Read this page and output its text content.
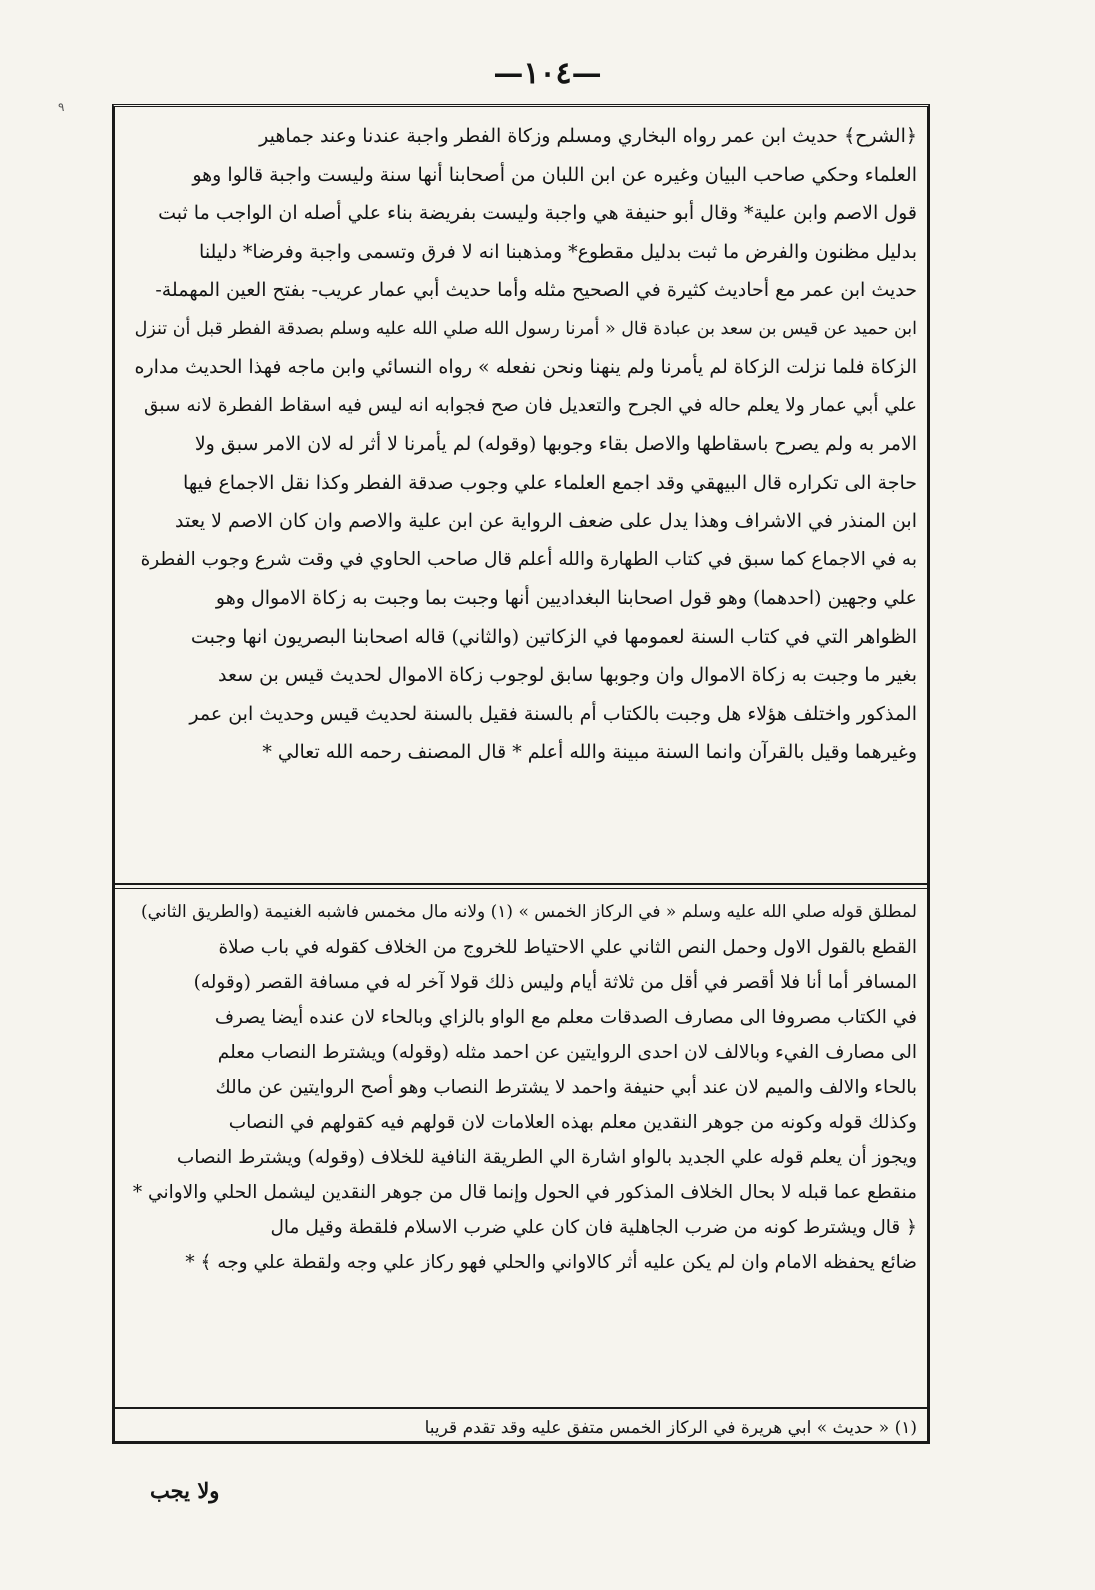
—١٠٤—
٩
﴿الشرح﴾ حديث ابن عمر رواه البخاري ومسلم وزكاة الفطر واجبة عندنا وعند جماهير
العلماء وحكي صاحب البيان وغيره عن ابن اللبان من أصحابنا أنها سنة وليست واجبة قالوا وهو
قول الاصم وابن علية* وقال أبو حنيفة هي واجبة وليست بفريضة بناء علي أصله ان الواجب ما ثبت
بدليل مظنون والفرض ما ثبت بدليل مقطوع* ومذهبنا انه لا فرق وتسمى واجبة وفرضا* دليلنا
حديث ابن عمر مع أحاديث كثيرة في الصحيح مثله وأما حديث أبي عمار عريب- بفتح العين المهملة-
ابن حميد عن قيس بن سعد بن عبادة قال « أمرنا رسول الله صلي الله عليه وسلم بصدقة الفطر قبل أن تنزل
الزكاة فلما نزلت الزكاة لم يأمرنا ولم ينهنا ونحن نفعله » رواه النسائي وابن ماجه فهذا الحديث مداره
علي أبي عمار ولا يعلم حاله في الجرح والتعديل فان صح فجوابه انه ليس فيه اسقاط الفطرة لانه سبق
الامر به ولم يصرح باسقاطها والاصل بقاء وجوبها (وقوله) لم يأمرنا لا أثر له لان الامر سبق ولا
حاجة الى تكراره قال البيهقي وقد اجمع العلماء علي وجوب صدقة الفطر وكذا نقل الاجماع فيها
ابن المنذر في الاشراف وهذا يدل على ضعف الرواية عن ابن علية والاصم وان كان الاصم لا يعتد
به في الاجماع كما سبق في كتاب الطهارة والله أعلم قال صاحب الحاوي في وقت شرع وجوب الفطرة
علي وجهين (احدهما) وهو قول اصحابنا البغداديين أنها وجبت بما وجبت به زكاة الاموال وهو
الظواهر التي في كتاب السنة لعمومها في الزكاتين (والثاني) قاله اصحابنا البصريون انها وجبت
بغير ما وجبت به زكاة الاموال وان وجوبها سابق لوجوب زكاة الاموال لحديث قيس بن سعد
المذكور واختلف هؤلاء هل وجبت بالكتاب أم بالسنة فقيل بالسنة لحديث قيس وحديث ابن عمر
وغيرهما وقيل بالقرآن وانما السنة مبينة والله أعلم * قال المصنف رحمه الله تعالي *
لمطلق قوله صلي الله عليه وسلم « في الركاز الخمس » (١) ولانه مال مخمس فاشبه الغنيمة (والطريق الثاني)
القطع بالقول الاول وحمل النص الثاني علي الاحتياط للخروج من الخلاف كقوله في باب صلاة
المسافر أما أنا فلا أقصر في أقل من ثلاثة أيام وليس ذلك قولا آخر له في مسافة القصر (وقوله)
في الكتاب مصروفا الى مصارف الصدقات معلم مع الواو بالزاي وبالحاء لان عنده أيضا يصرف
الى مصارف الفيء وبالالف لان احدى الروايتين عن احمد مثله (وقوله) ويشترط النصاب معلم
بالحاء والالف والميم لان عند أبي حنيفة واحمد لا يشترط النصاب وهو أصح الروايتين عن مالك
وكذلك قوله وكونه من جوهر النقدين معلم بهذه العلامات لان قولهم فيه كقولهم في النصاب
ويجوز أن يعلم قوله علي الجديد بالواو اشارة الي الطريقة النافية للخلاف (وقوله) ويشترط النصاب
منقطع عما قبله لا بحال الخلاف المذكور في الحول وإنما قال من جوهر النقدين ليشمل الحلي والاواني *
﴿ قال ويشترط كونه من ضرب الجاهلية فان كان علي ضرب الاسلام فلقطة وقيل مال
ضائع يحفظه الامام وان لم يكن عليه أثر كالاواني والحلي فهو ركاز علي وجه ولقطة علي وجه ﴾ *
(١) « حديث » ابي هريرة في الركاز الخمس متفق عليه وقد تقدم قريبا
ولا يجب
